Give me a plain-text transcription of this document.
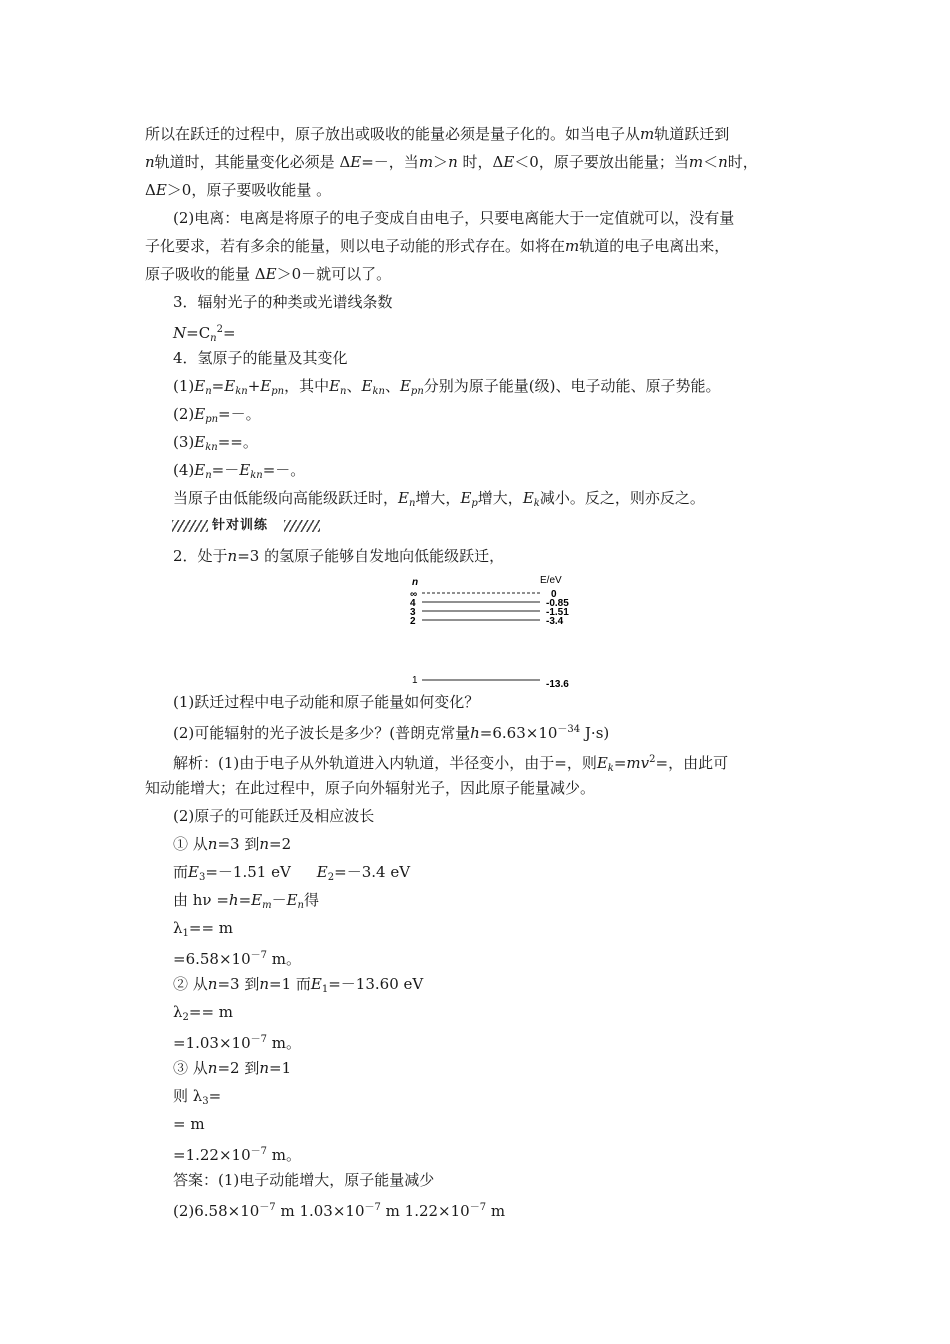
所以在跃迁的过程中，原子放出或吸收的能量必须是量子化的。如当电子从m轨道跃迁到
n轨道时，其能量变化必须是 ΔE=－，当m＞n 时，ΔE＜0，原子要放出能量；当m＜n时，
ΔE＞0，原子要吸收能量 。
(2)电离：电离是将原子的电子变成自由电子，只要电离能大于一定值就可以，没有量
子化要求，若有多余的能量，则以电子动能的形式存在。如将在m轨道的电子电离出来，
原子吸收的能量 ΔE＞0－就可以了。
3．辐射光子的种类或光谱线条数
$N=C_n^2=$
4．氢原子的能量及其变化
$(1)E_n=E_{kn}+E_{pn}$，其中$E_n$、$E_{kn}$、$E_{pn}$分别为原子能量(级)、电子动能、原子势能。
$(2)E_{pn}=-$。
$(3)E_{kn}==$。
$(4)E_n=-E_{kn}=-$。
当原子由低能级向高能级跃迁时，$E_n$增大，$E_p$增大，$E_k$减小。反之，则亦反之。
针对训练
2．处于n=3 的氢原子能够自发地向低能级跃迁，
n	E/eV
∞	0
4	-0.85
3	-1.51
2	-3.4
1	-13.6
(1)跃迁过程中电子动能和原子能量如何变化？
(2)可能辐射的光子波长是多少？(普朗克常量$h=6.63\times 10^{-34}$ J·s)
解析：(1)由于电子从外轨道进入内轨道，半径变小，由于=，则$E_k=mv^2=$，由此可
知动能增大；在此过程中，原子向外辐射光子，因此原子能量减少。
(2)原子的可能跃迁及相应波长
① 从n=3 到n=2
而$E_3=-1.51$ eV $E_2=-3.4$ eV
由 $h\nu =h=E_m-E_n$得
$\lambda_1== m$
$=6.58\times 10^{-7}$ m。
② 从n=3 到n=1 而$E_1=-13.60$ eV
$\lambda_2== m$
$=1.03\times 10^{-7}$ m。
③ 从n=2 到n=1
则 $\lambda_3=$
= m
$=1.22\times 10^{-7}$ m。
答案：(1)电子动能增大，原子能量减少
$(2)6.58\times 10^{-7}$ m $1.03\times 10^{-7}$ m $1.22\times 10^{-7}$ m
